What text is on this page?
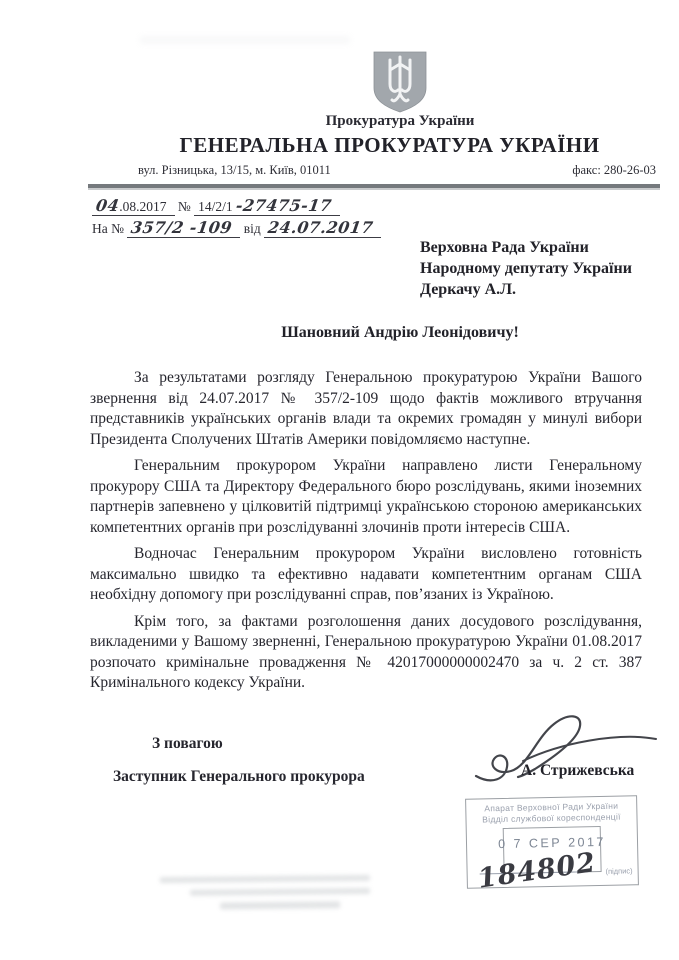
Прокуратура України
ГЕНЕРАЛЬНА ПРОКУРАТУРА УКРАЇНИ
вул. Різницька, 13/15, м. Київ, 01011	факс: 280-26-03
04.08.2017 № 14/2/1 -27475-17
На № 357/2 -109 від 24.07.2017
Верховна Рада України
Народному депутату України
Деркачу А.Л.
Шановний Андрію Леонідовичу!

За результатами розгляду Генеральною прокуратурою України Вашого звернення від 24.07.2017 № 357/2-109 щодо фактів можливого втручання представників українських органів влади та окремих громадян у минулі вибори Президента Сполучених Штатів Америки повідомляємо наступне.

Генеральним прокурором України направлено листи Генеральному прокурору США та Директору Федерального бюро розслідувань, якими іноземних партнерів запевнено у цілковитій підтримці українською стороною американських компетентних органів при розслідуванні злочинів проти інтересів США.

Водночас Генеральним прокурором України висловлено готовність максимально швидко та ефективно надавати компетентним органам США необхідну допомогу при розслідуванні справ, пов’язаних із Україною.

Крім того, за фактами розголошення даних досудового розслідування, викладеними у Вашому зверненні, Генеральною прокуратурою України 01.08.2017 розпочато кримінальне провадження № 42017000000002470 за ч. 2 ст. 387 Кримінального кодексу України.

З повагою
Заступник Генерального прокурора	А. Стрижевська
Апарат Верховної Ради України
Відділ службової кореспонденції
0 7 СЕР 2017
184802 (підпис)
